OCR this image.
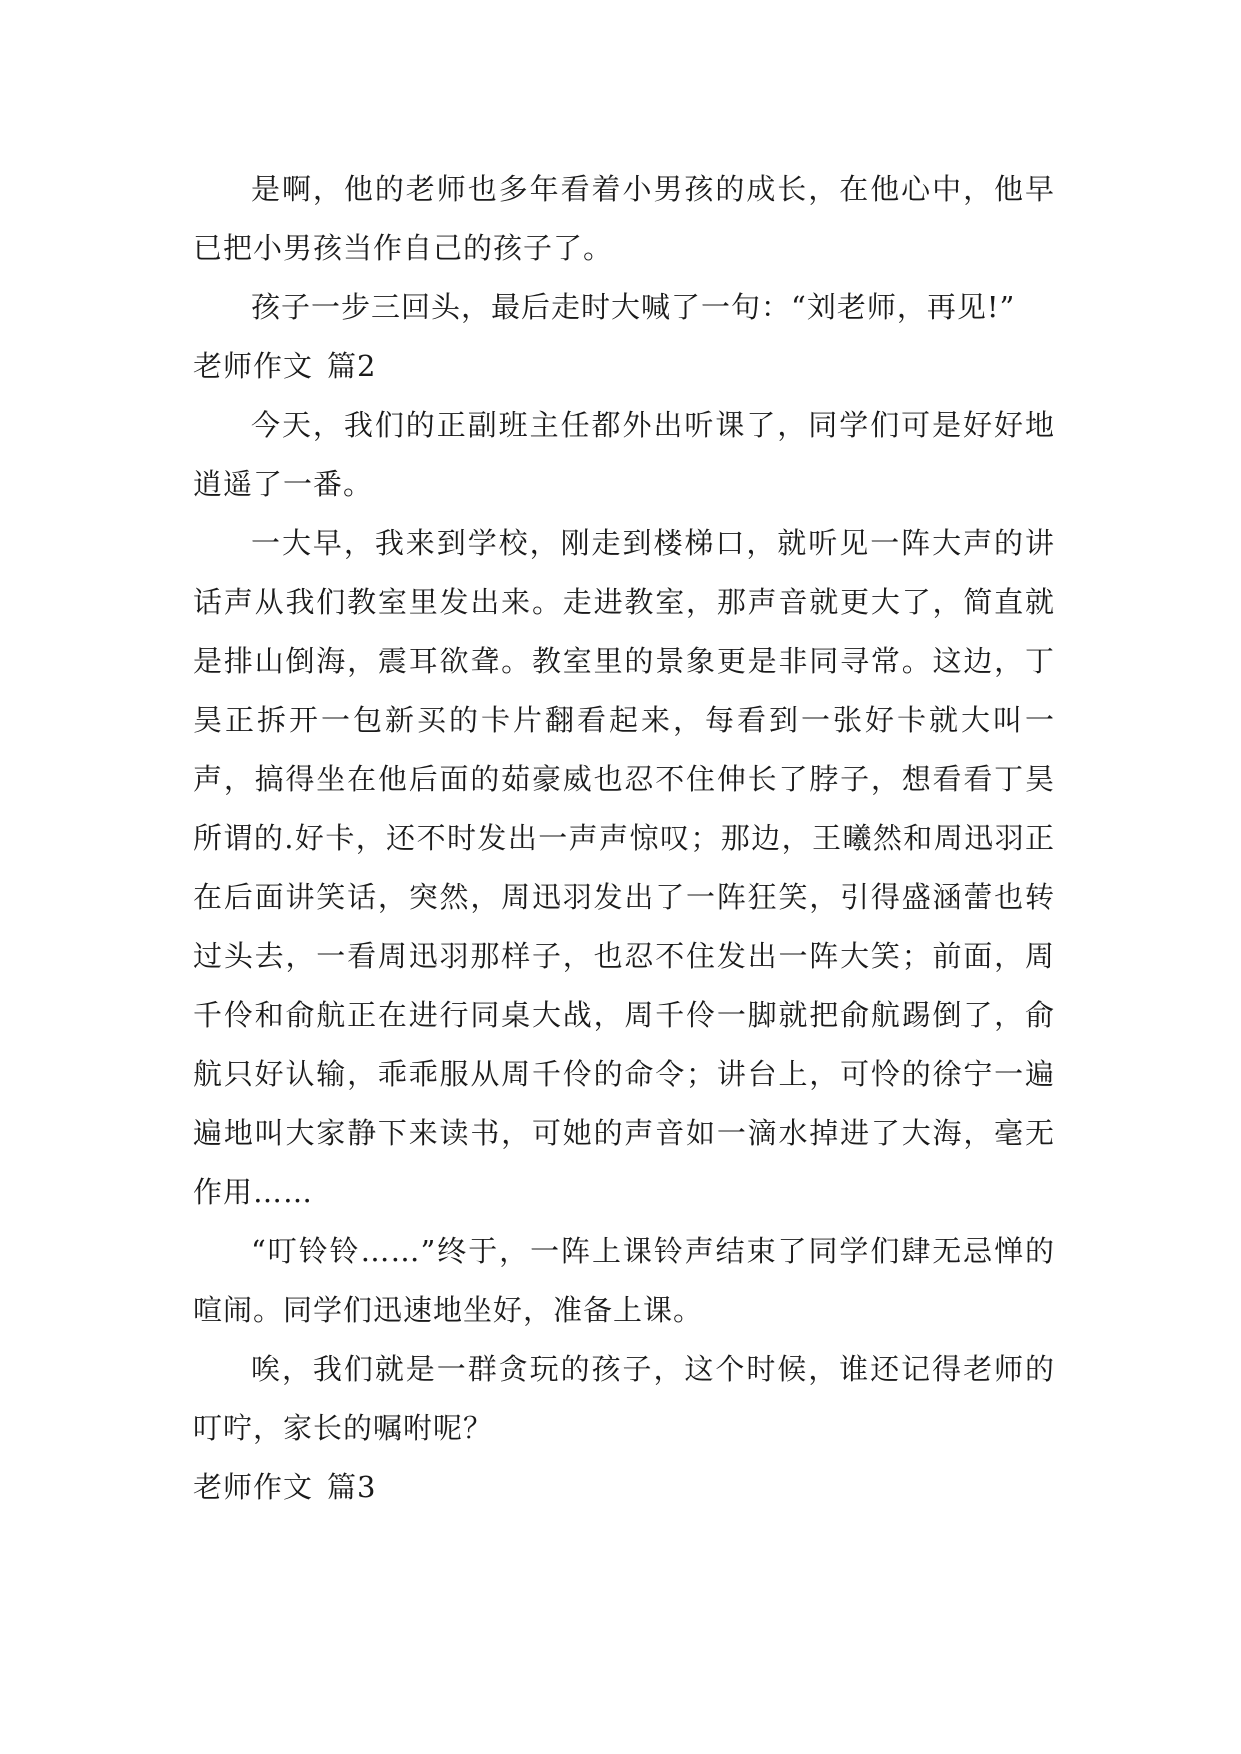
是啊，他的老师也多年看着小男孩的成长，在他心中，他早已把小男孩当作自己的孩子了。

孩子一步三回头，最后走时大喊了一句：“刘老师，再见!”

老师作文 篇2

今天，我们的正副班主任都外出听课了，同学们可是好好地逍遥了一番。

一大早，我来到学校，刚走到楼梯口，就听见一阵大声的讲话声从我们教室里发出来。走进教室，那声音就更大了，简直就是排山倒海，震耳欲聋。教室里的景象更是非同寻常。这边，丁昊正拆开一包新买的卡片翻看起来，每看到一张好卡就大叫一声，搞得坐在他后面的茹豪威也忍不住伸长了脖子，想看看丁昊所谓的.好卡，还不时发出一声声惊叹；那边，王曦然和周迅羽正在后面讲笑话，突然，周迅羽发出了一阵狂笑，引得盛涵蕾也转过头去，一看周迅羽那样子，也忍不住发出一阵大笑；前面，周千伶和俞航正在进行同桌大战，周千伶一脚就把俞航踢倒了，俞航只好认输，乖乖服从周千伶的命令；讲台上，可怜的徐宁一遍遍地叫大家静下来读书，可她的声音如一滴水掉进了大海，毫无作用……

“叮铃铃……”终于，一阵上课铃声结束了同学们肆无忌惮的喧闹。同学们迅速地坐好，准备上课。

唉，我们就是一群贪玩的孩子，这个时候，谁还记得老师的叮咛，家长的嘱咐呢？

老师作文 篇3
